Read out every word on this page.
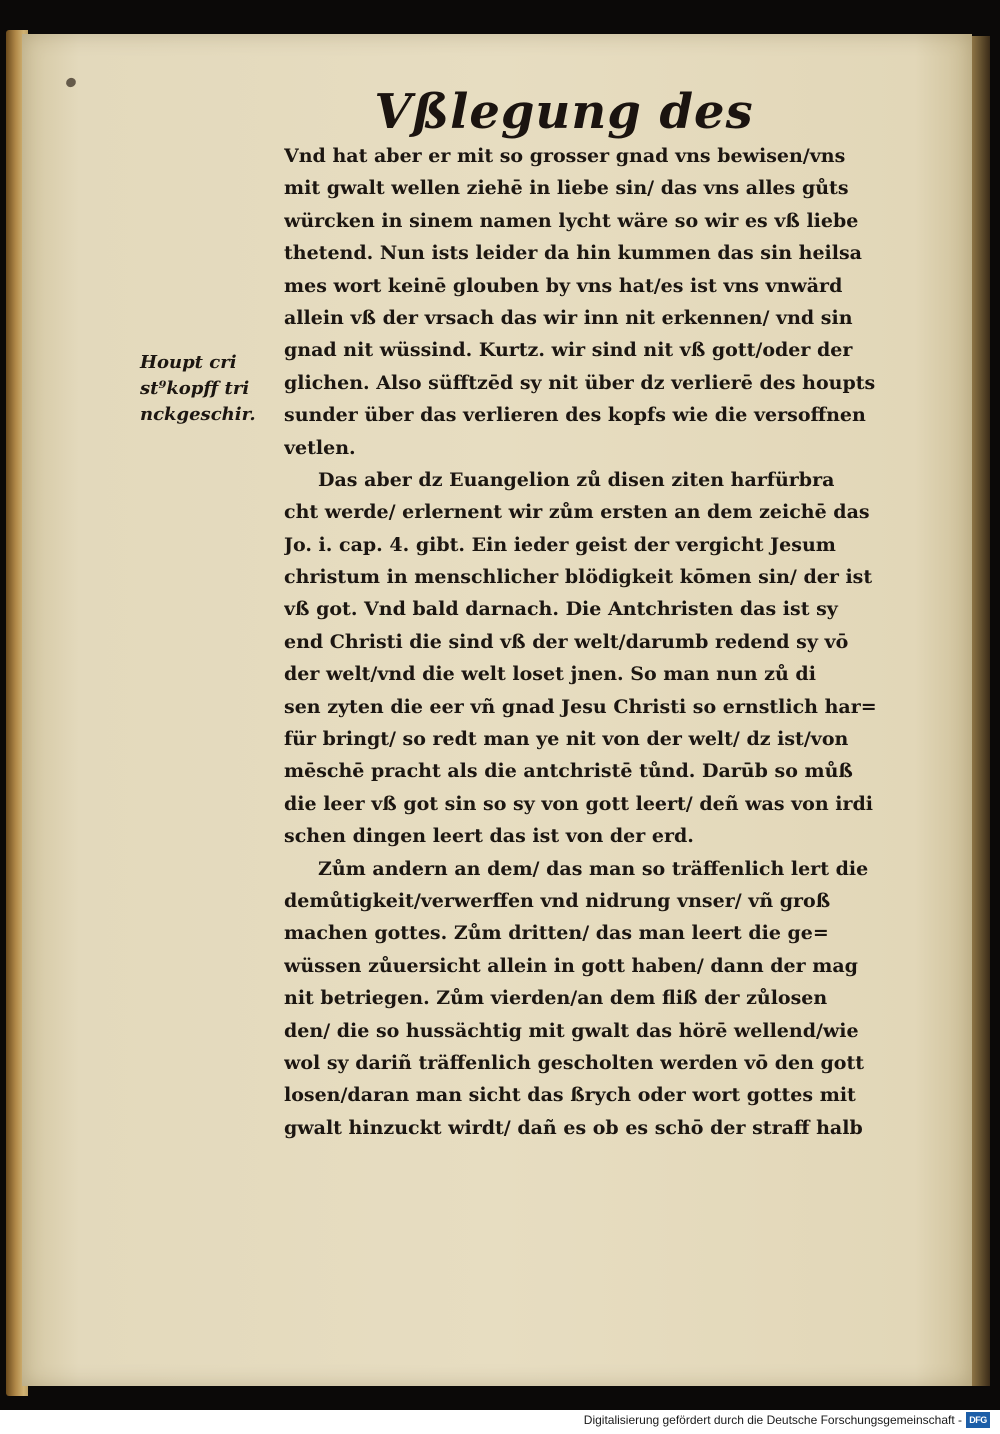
Vßlegung des
Houpt cri
st⁹kopff tri
nckgeschir.
Vnd hat aber er mit so grosser gnad vns bewisen/vns
mit gwalt wellen ziehē in liebe sin/ das vns alles gůts
würcken in sinem namen lycht wäre so wir es vß liebe
thetend. Nun ists leider da hin kummen das sin heilsa
mes wort keinē glouben by vns hat/es ist vns vnwärd
allein vß der vrsach das wir inn nit erkennen/ vnd sin
gnad nit wüssind. Kurtz. wir sind nit vß gott/oder der
glichen. Also süfftzēd sy nit über dz verlierē des houpts
sunder über das verlieren des kopfs wie die versoffnen
vetlen.
Das aber dz Euangelion zů disen ziten harfürbra
cht werde/ erlernent wir zům ersten an dem zeichē das
Jo. i. cap. 4. gibt. Ein ieder geist der vergicht Jesum
christum in menschlicher blödigkeit kōmen sin/ der ist
vß got. Vnd bald darnach. Die Antchristen das ist sy
end Christi die sind vß der welt/darumb redend sy vō
der welt/vnd die welt loset jnen. So man nun zů di
sen zyten die eer vñ gnad Jesu Christi so ernstlich har=
für bringt/ so redt man ye nit von der welt/ dz ist/von
mēschē pracht als die antchristē tůnd. Darūb so můß
die leer vß got sin so sy von gott leert/ deñ was von irdi
schen dingen leert das ist von der erd.
Zům andern an dem/ das man so träffenlich lert die
demůtigkeit/verwerffen vnd nidrung vnser/ vñ groß
machen gottes. Zům dritten/ das man leert die ge=
wüssen zůuersicht allein in gott haben/ dann der mag
nit betriegen. Zům vierden/an dem fliß der zůlosen
den/ die so hussächtig mit gwalt das hörē wellend/wie
wol sy dariñ träffenlich gescholten werden vō den gott
losen/daran man sicht das ßrych oder wort gottes mit
gwalt hinzuckt wirdt/ dañ es ob es schō der straff halb
Digitalisierung gefördert durch die Deutsche Forschungsgemeinschaft - DFG
